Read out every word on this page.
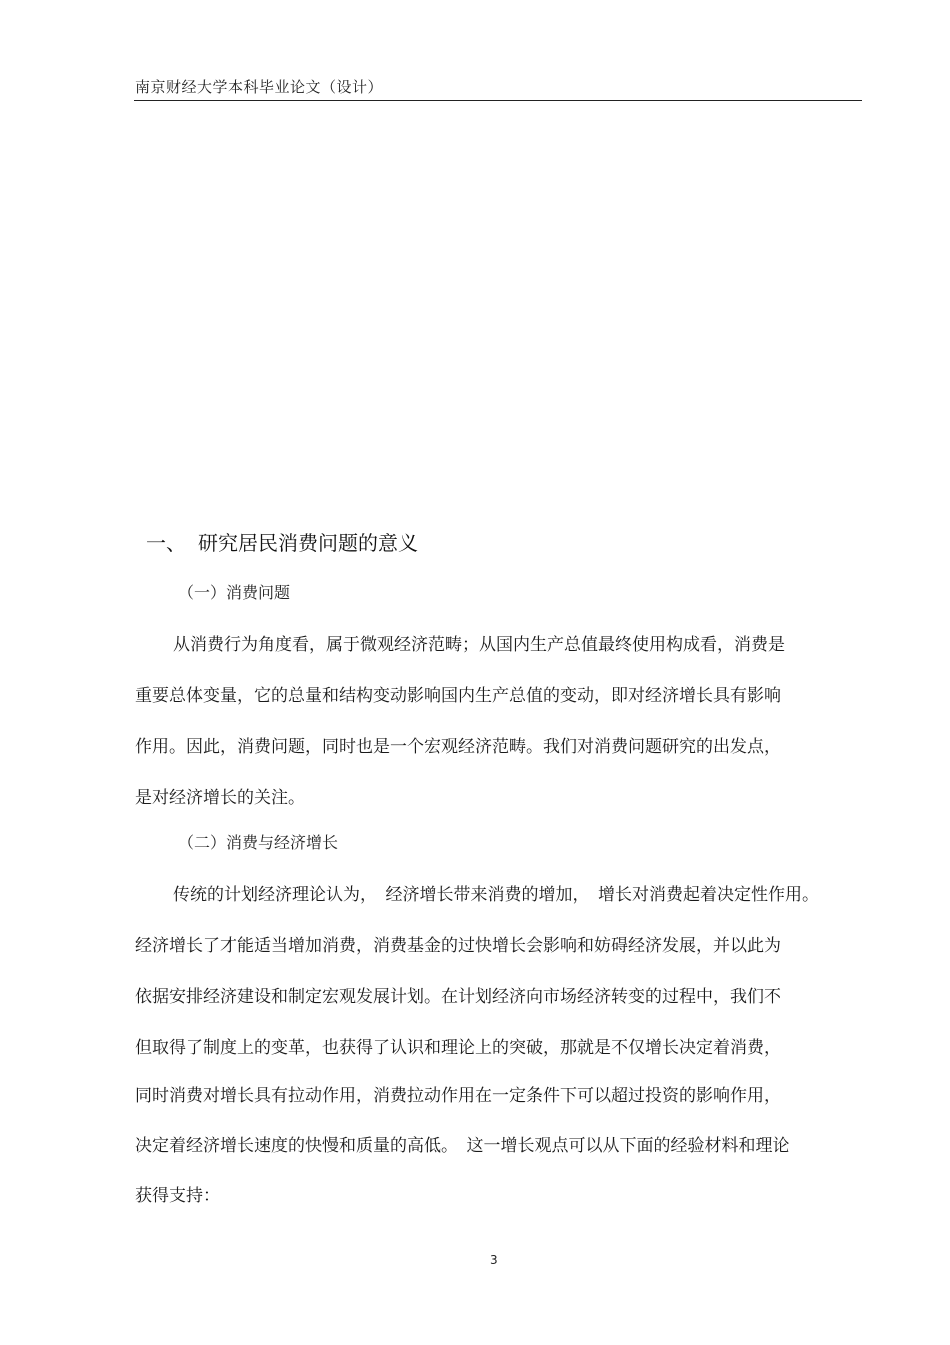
南京财经大学本科毕业论文（设计）
一、 研究居民消费问题的意义
（一）消费问题
从消费行为角度看，属于微观经济范畴；从国内生产总值最终使用构成看，消费是
重要总体变量，它的总量和结构变动影响国内生产总值的变动，即对经济增长具有影响
作用。因此，消费问题，同时也是一个宏观经济范畴。我们对消费问题研究的出发点，
是对经济增长的关注。
（二）消费与经济增长
传统的计划经济理论认为，　经济增长带来消费的增加，　增长对消费起着决定性作用。
经济增长了才能适当增加消费，消费基金的过快增长会影响和妨碍经济发展，并以此为
依据安排经济建设和制定宏观发展计划。在计划经济向市场经济转变的过程中，我们不
但取得了制度上的变革，也获得了认识和理论上的突破，那就是不仅增长决定着消费，
同时消费对增长具有拉动作用，消费拉动作用在一定条件下可以超过投资的影响作用，
决定着经济增长速度的快慢和质量的高低。　这一增长观点可以从下面的经验材料和理论
获得支持：
3
